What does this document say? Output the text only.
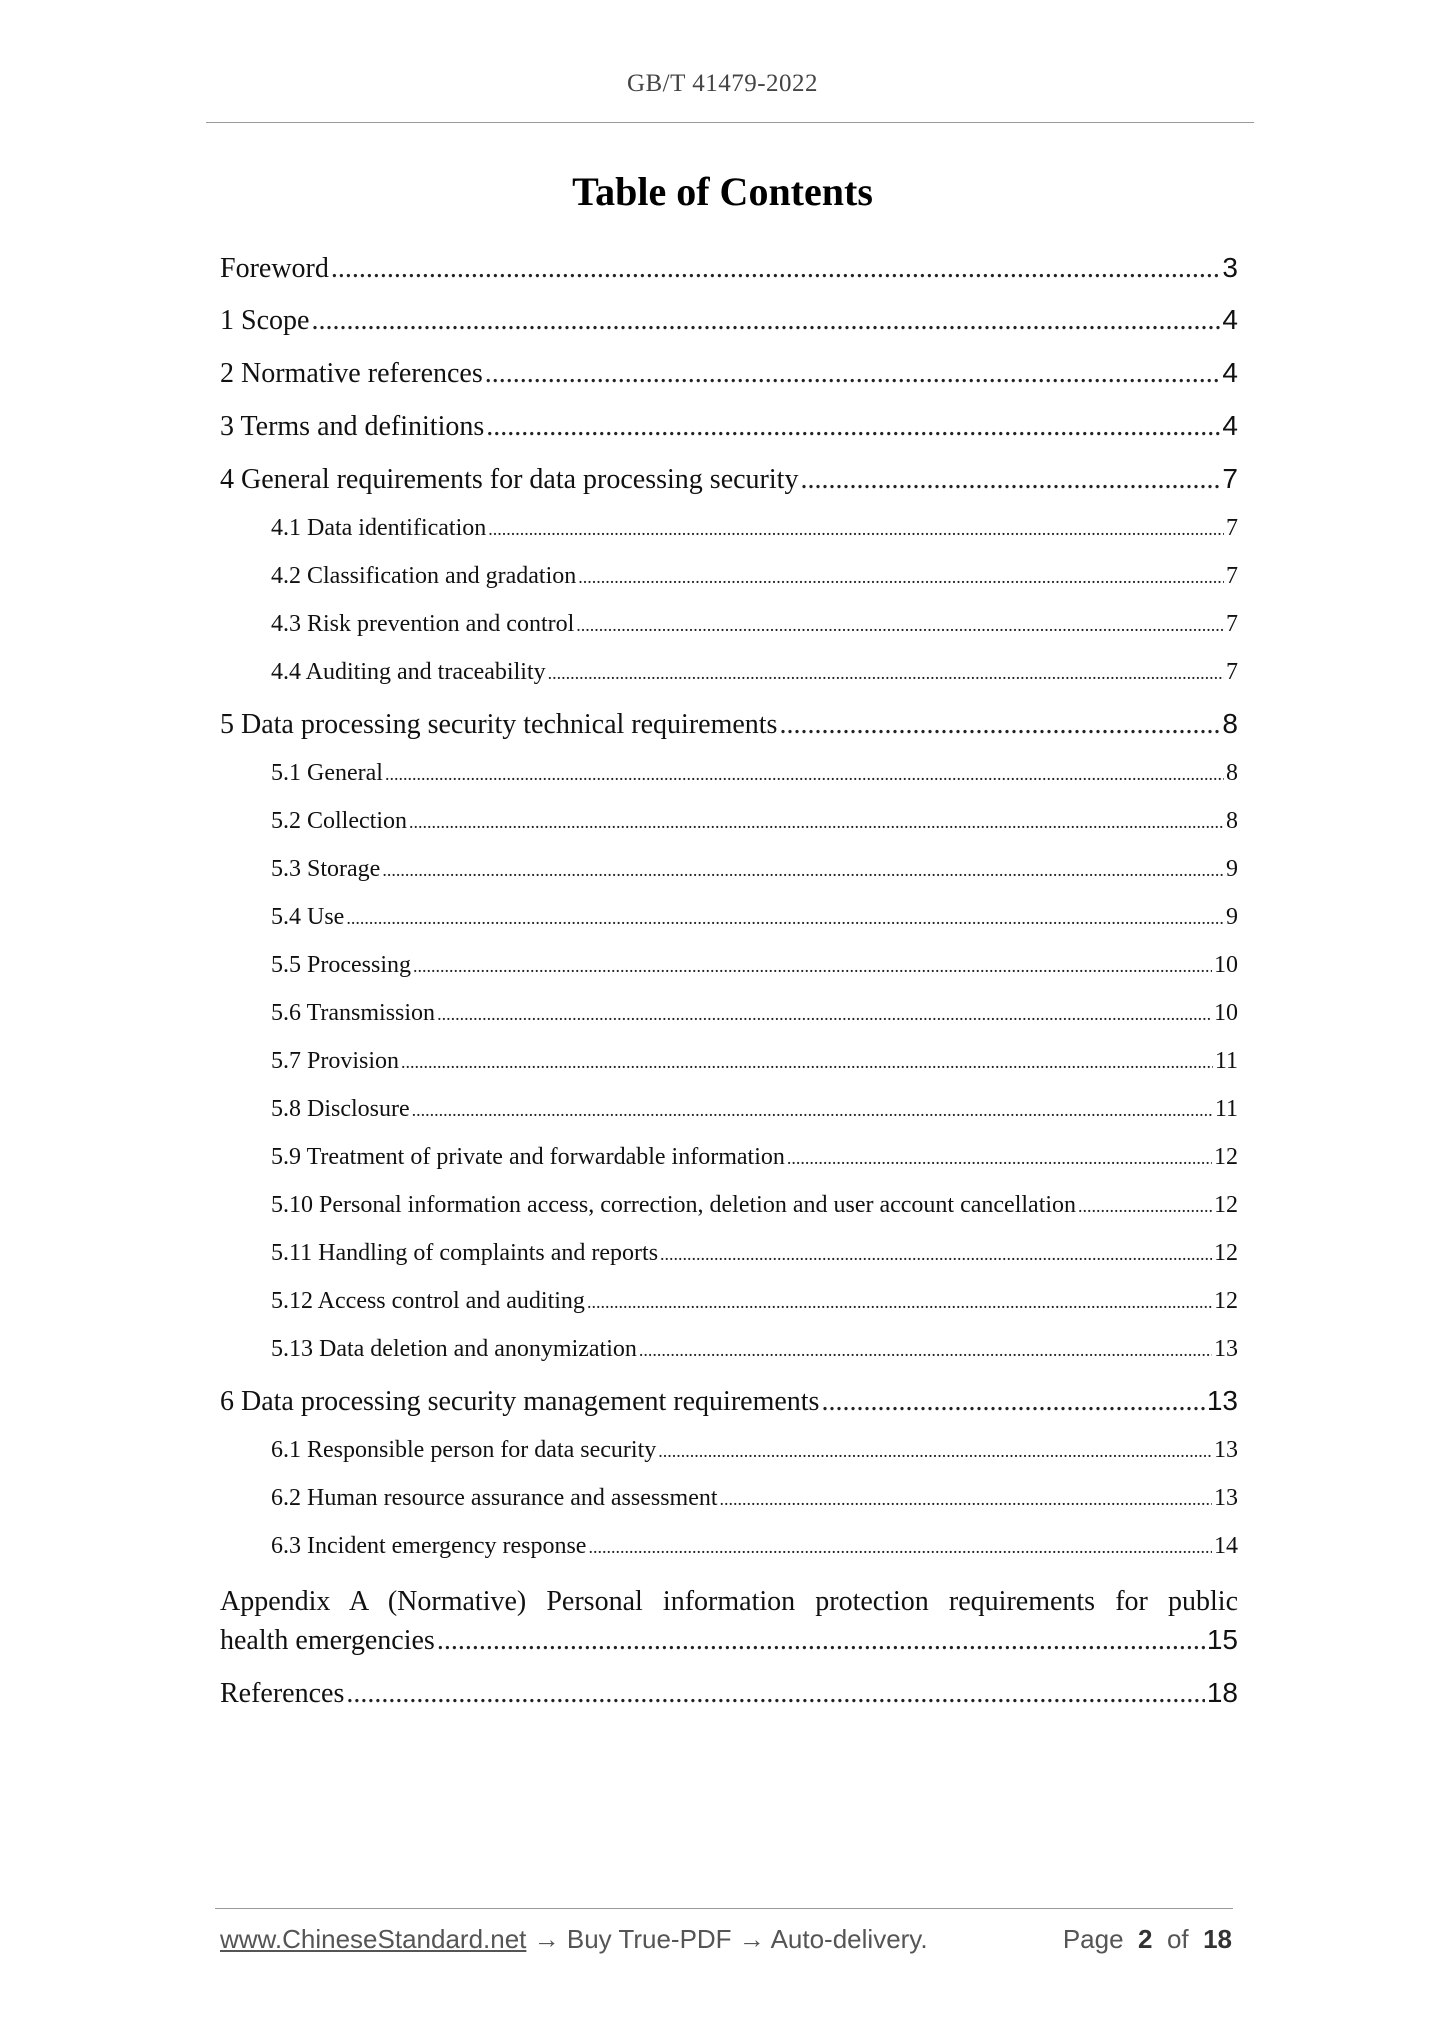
GB/T 41479-2022
Table of Contents
Foreword .....	3
1 Scope .....	4
2 Normative references .....	4
3 Terms and definitions .....	4
4 General requirements for data processing security .....	7
4.1 Data identification .....	7
4.2 Classification and gradation .....	7
4.3 Risk prevention and control .....	7
4.4 Auditing and traceability .....	7
5 Data processing security technical requirements .....	8
5.1 General .....	8
5.2 Collection .....	8
5.3 Storage .....	9
5.4 Use .....	9
5.5 Processing .....	10
5.6 Transmission .....	10
5.7 Provision .....	11
5.8 Disclosure .....	11
5.9 Treatment of private and forwardable information .....	12
5.10 Personal information access, correction, deletion and user account cancellation .....	12
5.11 Handling of complaints and reports .....	12
5.12 Access control and auditing .....	12
5.13 Data deletion and anonymization .....	13
6 Data processing security management requirements .....	13
6.1 Responsible person for data security .....	13
6.2 Human resource assurance and assessment .....	13
6.3 Incident emergency response .....	14
Appendix A (Normative) Personal information protection requirements for public
health emergencies .....	15
References .....	18
www.ChineseStandard.net → Buy True-PDF → Auto-delivery.	Page 2 of 18
